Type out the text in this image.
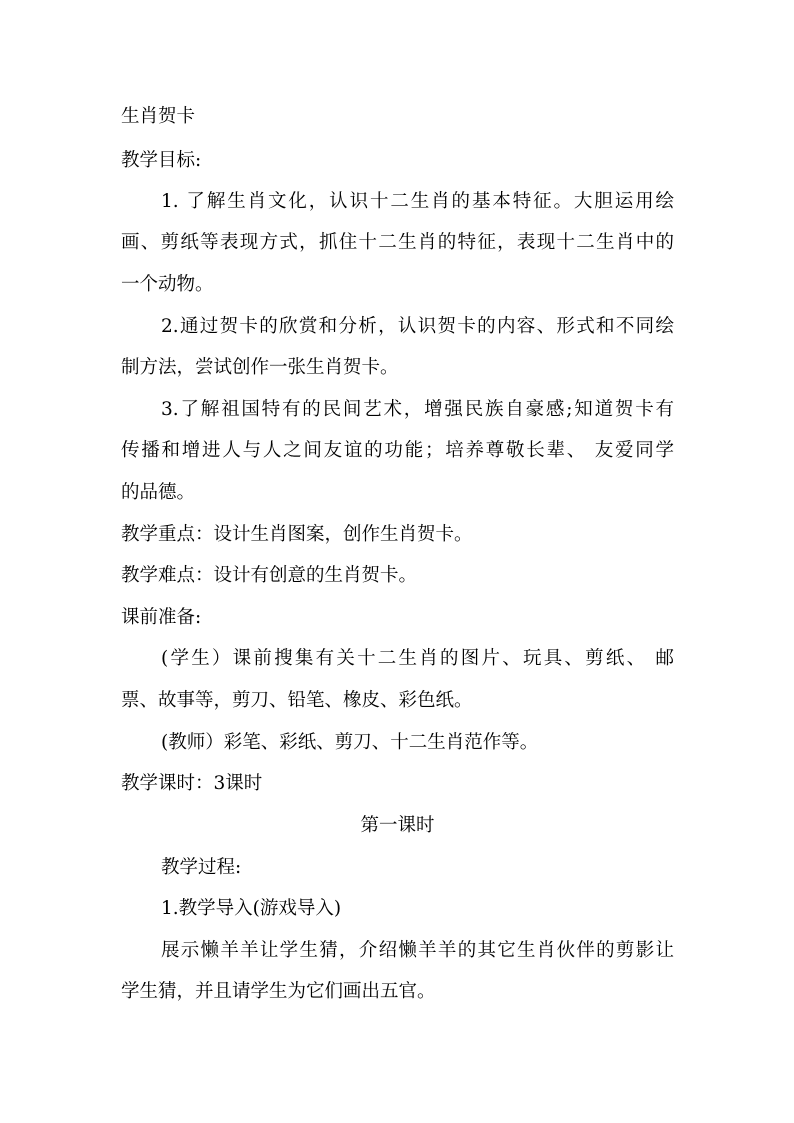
生肖贺卡
教学目标:
1. 了解生肖文化，认识十二生肖的基本特征。大胆运用绘
画、剪纸等表现方式，抓住十二生肖的特征，表现十二生肖中的
一个动物。
2.通过贺卡的欣赏和分析，认识贺卡的内容、形式和不同绘
制方法，尝试创作一张生肖贺卡。
3.了解祖国特有的民间艺术，增强民族自豪感;知道贺卡有
传播和增进人与人之间友谊的功能；培养尊敬长辈、 友爱同学
的品德。
教学重点：设计生肖图案，创作生肖贺卡。
教学难点：设计有创意的生肖贺卡。
课前准备:
(学生）课前搜集有关十二生肖的图片、玩具、剪纸、 邮
票、故事等，剪刀、铅笔、橡皮、彩色纸。
(教师）彩笔、彩纸、剪刀、十二生肖范作等。
教学课时：3课时
第一课时
教学过程:
1.教学导入(游戏导入)
展示懒羊羊让学生猜，介绍懒羊羊的其它生肖伙伴的剪影让
学生猜，并且请学生为它们画出五官。
